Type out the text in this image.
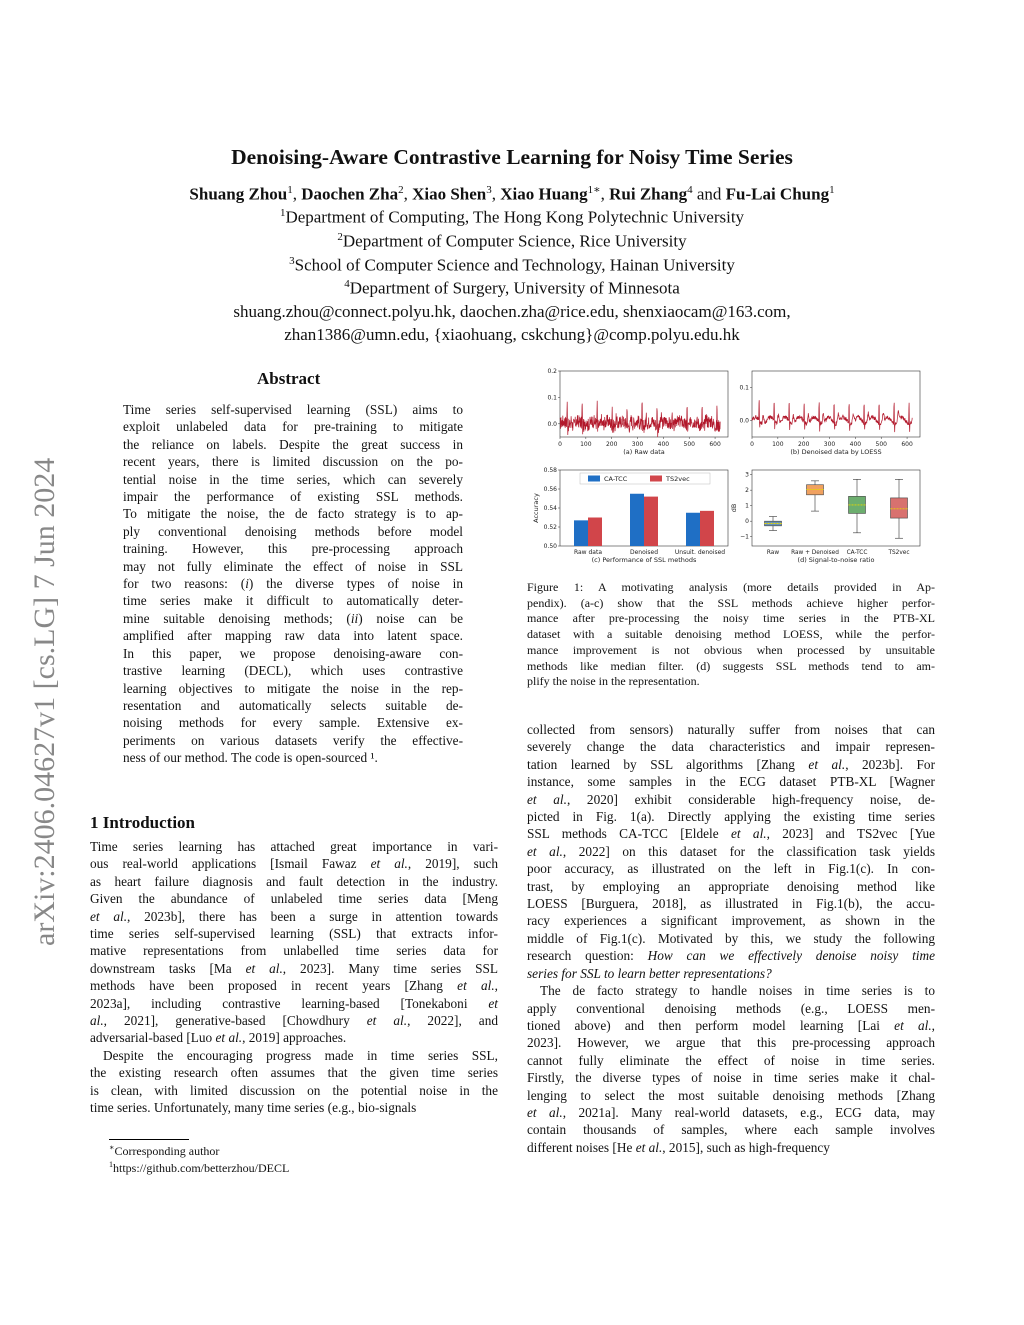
arXiv:2406.04627v1 [cs.LG] 7 Jun 2024
Denoising-Aware Contrastive Learning for Noisy Time Series
Shuang Zhou$^1$, Daochen Zha$^2$, Xiao Shen$^3$, Xiao Huang$^{1∗}$, Rui Zhang$^4$ and Fu-Lai Chung$^1$
$^1$Department of Computing, The Hong Kong Polytechnic University
$^2$Department of Computer Science, Rice University
$^3$School of Computer Science and Technology, Hainan University
$^4$Department of Surgery, University of Minnesota
shuang.zhou@connect.polyu.hk, daochen.zha@rice.edu, shenxiaocam@163.com,
zhan1386@umn.edu, {xiaohuang, cskchung}@comp.polyu.edu.hk
Abstract
Time series self-supervised learning (SSL) aims to
exploit unlabeled data for pre-training to mitigate
the reliance on labels. Despite the great success in
recent years, there is limited discussion on the po-
tential noise in the time series, which can severely
impair the performance of existing SSL methods.
To mitigate the noise, the de facto strategy is to ap-
ply conventional denoising methods before model
training. However, this pre-processing approach
may not fully eliminate the effect of noise in SSL
for two reasons: (i) the diverse types of noise in
time series make it difficult to automatically deter-
mine suitable denoising methods; (ii) noise can be
amplified after mapping raw data into latent space.
In this paper, we propose denoising-aware con-
trastive learning (DECL), which uses contrastive
learning objectives to mitigate the noise in the rep-
resentation and automatically selects suitable de-
noising methods for every sample. Extensive ex-
periments on various datasets verify the effective-
ness of our method. The code is open-sourced ¹.
1 Introduction
Time series learning has attached great importance in vari-
ous real-world applications [Ismail Fawaz et al., 2019], such
as heart failure diagnosis and fault detection in the industry.
Given the abundance of unlabeled time series data [Meng
et al., 2023b], there has been a surge in attention towards
time series self-supervised learning (SSL) that extracts infor-
mative representations from unlabelled time series data for
downstream tasks [Ma et al., 2023]. Many time series SSL
methods have been proposed in recent years [Zhang et al.,
2023a], including contrastive learning-based [Tonekaboni et
al., 2021], generative-based [Chowdhury et al., 2022], and
adversarial-based [Luo et al., 2019] approaches.
Despite the encouraging progress made in time series SSL,
the existing research often assumes that the given time series
is clean, with limited discussion on the potential noise in the
time series. Unfortunately, many time series (e.g., bio-signals
∗Corresponding author
$^1$https://github.com/betterzhou/DECL
0	100 200 300 400 500 600
0.0
0.1
0.2
(a) Raw data
0	100 200 300 400 500 600
0.0
0.1
(b) Denoised data by LOESS
0.50
0.52
0.54
0.56
0.58
Accuracy
Raw data	Denoised	Unsuit. denoised
(c) Performance of SSL methods
CA-TCC	TS2vec
−1
0
1
2
3
dB
Raw Raw + Denoised CA-TCC	TS2vec
(d) Signal-to-noise ratio
Figure 1: A motivating analysis (more details provided in Ap-
pendix). (a-c) show that the SSL methods achieve higher perfor-
mance after pre-processing the noisy time series in the PTB-XL
dataset with a suitable denoising method LOESS, while the perfor-
mance improvement is not obvious when processed by unsuitable
methods like median filter. (d) suggests SSL methods tend to am-
plify the noise in the representation.
collected from sensors) naturally suffer from noises that can
severely change the data characteristics and impair represen-
tation learned by SSL algorithms [Zhang et al., 2023b]. For
instance, some samples in the ECG dataset PTB-XL [Wagner
et al., 2020] exhibit considerable high-frequency noise, de-
picted in Fig. 1(a). Directly applying the existing time series
SSL methods CA-TCC [Eldele et al., 2023] and TS2vec [Yue
et al., 2022] on this dataset for the classification task yields
poor accuracy, as illustrated on the left in Fig.1(c). In con-
trast, by employing an appropriate denoising method like
LOESS [Burguera, 2018], as illustrated in Fig.1(b), the accu-
racy experiences a significant improvement, as shown in the
middle of Fig.1(c). Motivated by this, we study the following
research question: How can we effectively denoise noisy time
series for SSL to learn better representations?
The de facto strategy to handle noises in time series is to
apply conventional denoising methods (e.g., LOESS men-
tioned above) and then perform model learning [Lai et al.,
2023]. However, we argue that this pre-processing approach
cannot fully eliminate the effect of noise in time series.
Firstly, the diverse types of noise in time series make it chal-
lenging to select the most suitable denoising methods [Zhang
et al., 2021a]. Many real-world datasets, e.g., ECG data, may
contain thousands of samples, where each sample involves
different noises [He et al., 2015], such as high-frequency
